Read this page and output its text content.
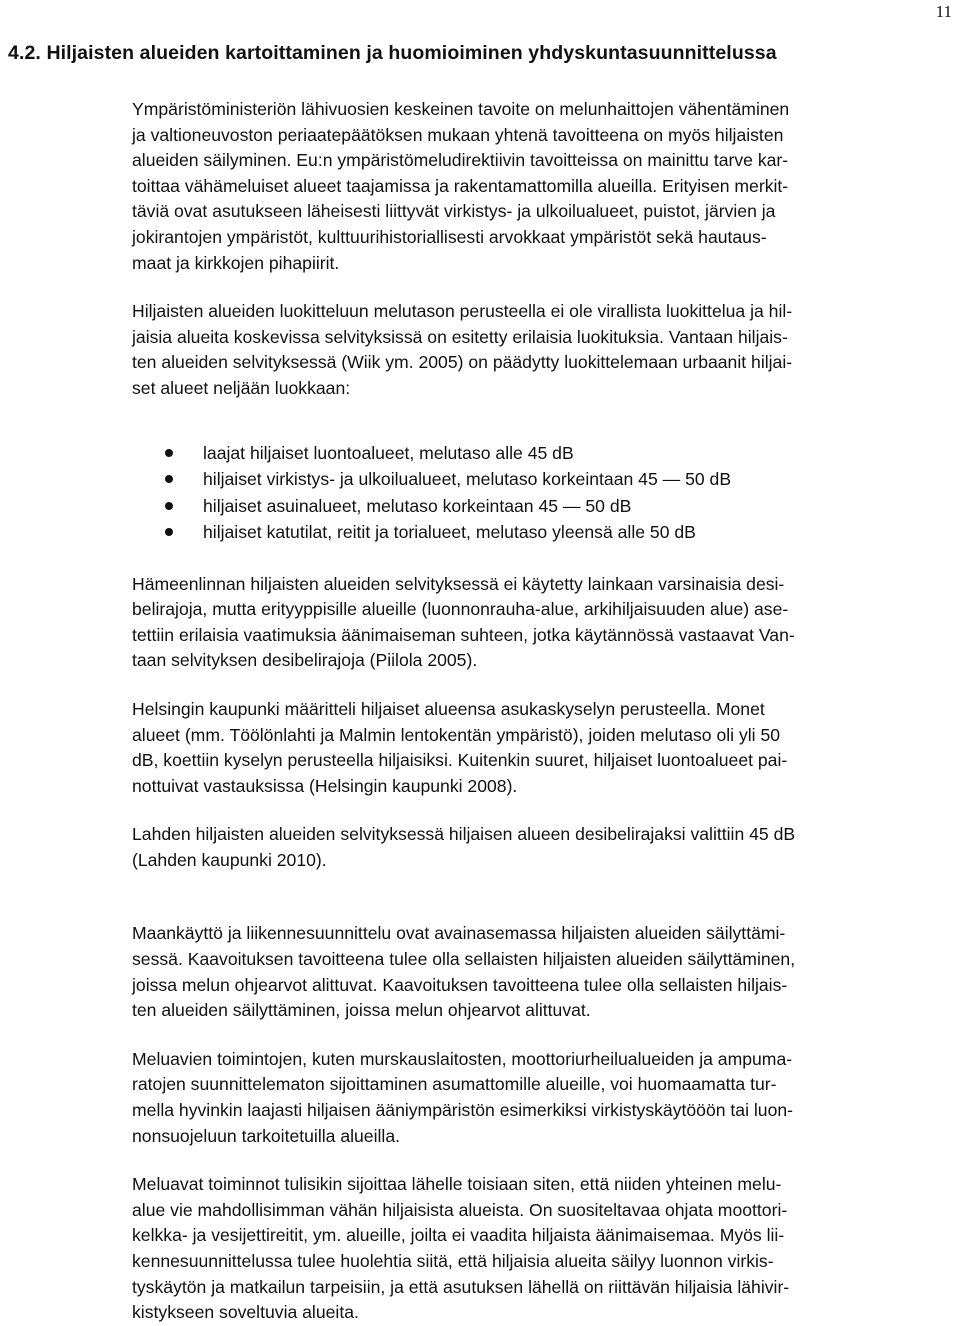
11
4.2. Hiljaisten alueiden kartoittaminen ja huomioiminen yhdyskuntasuunnittelussa
Ympäristöministeriön lähivuosien keskeinen tavoite on melunhaittojen vähentäminen
ja valtioneuvoston periaatepäätöksen mukaan yhtenä tavoitteena on myös hiljaisten
alueiden säilyminen. Eu:n ympäristömeludirektiivin tavoitteissa on mainittu tarve kar-
toittaa vähämeluiset alueet taajamissa ja rakentamattomilla alueilla. Erityisen merkit-
täviä ovat asutukseen läheisesti liittyvät virkistys- ja ulkoilualueet, puistot, järvien ja
jokirantojen ympäristöt, kulttuurihistoriallisesti arvokkaat ympäristöt sekä hautaus-
maat ja kirkkojen pihapiirit.
Hiljaisten alueiden luokitteluun melutason perusteella ei ole virallista luokittelua ja hil-
jaisia alueita koskevissa selvityksissä on esitetty erilaisia luokituksia. Vantaan hiljais-
ten alueiden selvityksessä (Wiik ym. 2005) on päädytty luokittelemaan urbaanit hiljai-
set alueet neljään luokkaan:
laajat hiljaiset luontoalueet, melutaso alle 45 dB
hiljaiset virkistys- ja ulkoilualueet, melutaso korkeintaan 45 — 50 dB
hiljaiset asuinalueet, melutaso korkeintaan 45 — 50 dB
hiljaiset katutilat, reitit ja torialueet, melutaso yleensä alle 50 dB
Hämeenlinnan hiljaisten alueiden selvityksessä ei käytetty lainkaan varsinaisia desi-
belirajoja, mutta erityyppisille alueille (luonnonrauha-alue, arkihiljaisuuden alue) ase-
tettiin erilaisia vaatimuksia äänimaiseman suhteen, jotka käytännössä vastaavat Van-
taan selvityksen desibelirajoja (Piilola 2005).
Helsingin kaupunki määritteli hiljaiset alueensa asukaskyselyn perusteella. Monet
alueet (mm. Töölönlahti ja Malmin lentokentän ympäristö), joiden melutaso oli yli 50
dB, koettiin kyselyn perusteella hiljaisiksi. Kuitenkin suuret, hiljaiset luontoalueet pai-
nottuivat vastauksissa (Helsingin kaupunki 2008).
Lahden hiljaisten alueiden selvityksessä hiljaisen alueen desibelirajaksi valittiin 45 dB
(Lahden kaupunki 2010).
Maankäyttö ja liikennesuunnittelu ovat avainasemassa hiljaisten alueiden säilyttämi-
sessä. Kaavoituksen tavoitteena tulee olla sellaisten hiljaisten alueiden säilyttäminen,
joissa melun ohjearvot alittuvat. Kaavoituksen tavoitteena tulee olla sellaisten hiljais-
ten alueiden säilyttäminen, joissa melun ohjearvot alittuvat.
Meluavien toimintojen, kuten murskauslaitosten, moottoriurheilualueiden ja ampuma-
ratojen suunnittelematon sijoittaminen asumattomille alueille, voi huomaamatta tur-
mella hyvinkin laajasti hiljaisen ääniympäristön esimerkiksi virkistyskäytööön tai luon-
nonsuojeluun tarkoitetuilla alueilla.
Meluavat toiminnot tulisikin sijoittaa lähelle toisiaan siten, että niiden yhteinen melu-
alue vie mahdollisimman vähän hiljaisista alueista. On suositeltavaa ohjata moottori-
kelkka- ja vesijettireitit, ym. alueille, joilta ei vaadita hiljaista äänimaisemaa. Myös lii-
kennesuunnittelussa tulee huolehtia siitä, että hiljaisia alueita säilyy luonnon virkis-
tyskäytön ja matkailun tarpeisiin, ja että asutuksen lähellä on riittävän hiljaisia lähivir-
kistykseen soveltuvia alueita.
